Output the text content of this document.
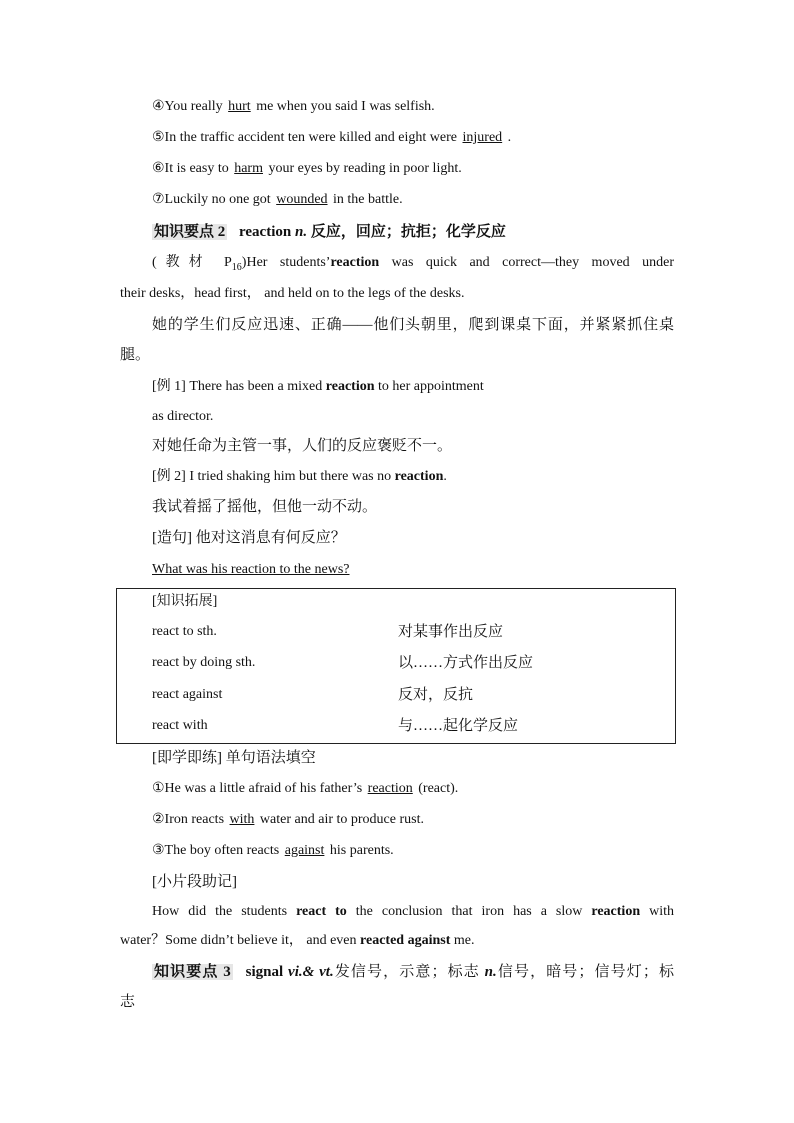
④You really hurt me when you said I was selfish.
⑤In the traffic accident ten were killed and eight were injured .
⑥It is easy to harm your eyes by reading in poor light.
⑦Luckily no one got wounded in the battle.
知识要点 2 reaction n. 反应，回应；抗拒；化学反应
(教材 $P_{16})Her$ students’reaction was quick and correct—they moved under
their desks，head first， and held on to the legs of the desks.
她的学生们反应迅速、正确——他们头朝里，爬到课桌下面，并紧紧抓住桌
腿。
[例 1] There has been a mixed reaction to her appointment
as director.
对她任命为主管一事，人们的反应褒贬不一。
[例 2] I tried shaking him but there was no reaction.
我试着摇了摇他，但他一动不动。
[造句] 他对这消息有何反应？
What was his reaction to the news?
[知识拓展]
react to sth.	对某事作出反应
react by doing sth.	以……方式作出反应
react against	反对，反抗
react with	与……起化学反应
[即学即练] 单句语法填空
①He was a little afraid of his father’s reaction (react).
②Iron reacts with water and air to produce rust.
③The boy often reacts against his parents.
[小片段助记]
How did the students react to the conclusion that iron has a slow reaction with
water？Some didn’t believe it， and even reacted against me.
知识要点 3 signal vi.& vt.发信号，示意；标志 n.信号，暗号；信号灯；标
志
